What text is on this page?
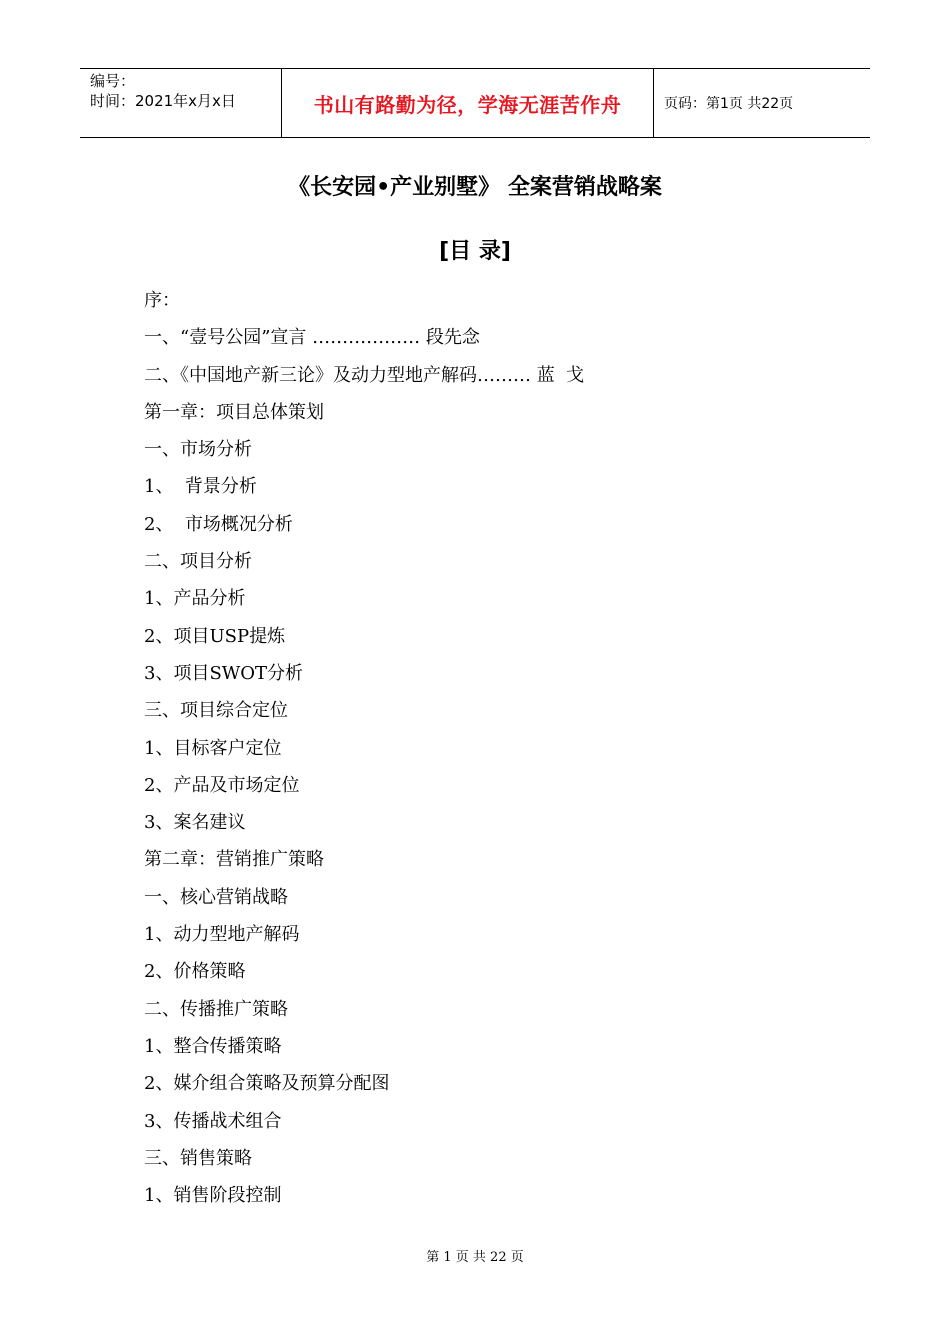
编号：
时间：2021年x月x日	书山有路勤为径，学海无涯苦作舟	页码：第1页 共22页
《长安园•产业别墅》 全案营销战略案
[目 录]
序：
一、“壹号公园”宣言 ……………… 段先念
二、《中国地产新三论》及动力型地产解码……… 蓝  戈
第一章：项目总体策划
一、市场分析
1、  背景分析
2、  市场概况分析
二、项目分析
1、产品分析
2、项目USP提炼
3、项目SWOT分析
三、项目综合定位
1、目标客户定位
2、产品及市场定位
3、案名建议
第二章：营销推广策略
一、核心营销战略
1、动力型地产解码
2、价格策略
二、传播推广策略
1、整合传播策略
2、媒介组合策略及预算分配图
3、传播战术组合
三、销售策略
1、销售阶段控制
第 1 页 共 22 页
